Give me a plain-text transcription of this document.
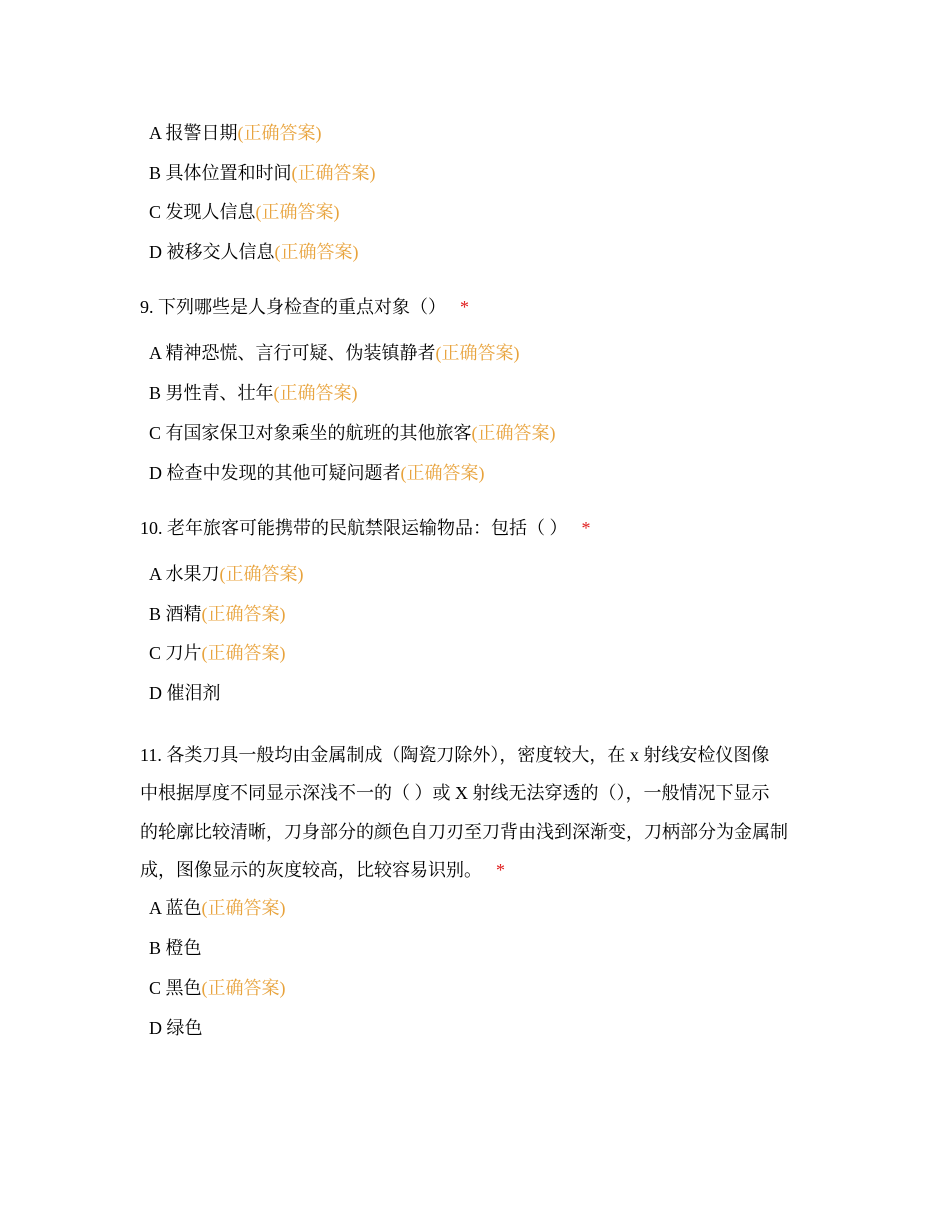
A 报警日期(正确答案)
B 具体位置和时间(正确答案)
C 发现人信息(正确答案)
D 被移交人信息(正确答案)
9. 下列哪些是人身检查的重点对象（） *
A 精神恐慌、言行可疑、伪装镇静者(正确答案)
B 男性青、壮年(正确答案)
C 有国家保卫对象乘坐的航班的其他旅客(正确答案)
D 检查中发现的其他可疑问题者(正确答案)
10. 老年旅客可能携带的民航禁限运输物品：包括（ ） *
A 水果刀(正确答案)
B 酒精(正确答案)
C 刀片(正确答案)
D 催泪剂
11. 各类刀具一般均由金属制成（陶瓷刀除外），密度较大，在 x 射线安检仪图像
中根据厚度不同显示深浅不一的（ ）或 X 射线无法穿透的（），一般情况下显示
的轮廓比较清晰，刀身部分的颜色自刀刃至刀背由浅到深渐变，刀柄部分为金属制
成，图像显示的灰度较高，比较容易识别。 *
A 蓝色(正确答案)
B 橙色
C 黑色(正确答案)
D 绿色
